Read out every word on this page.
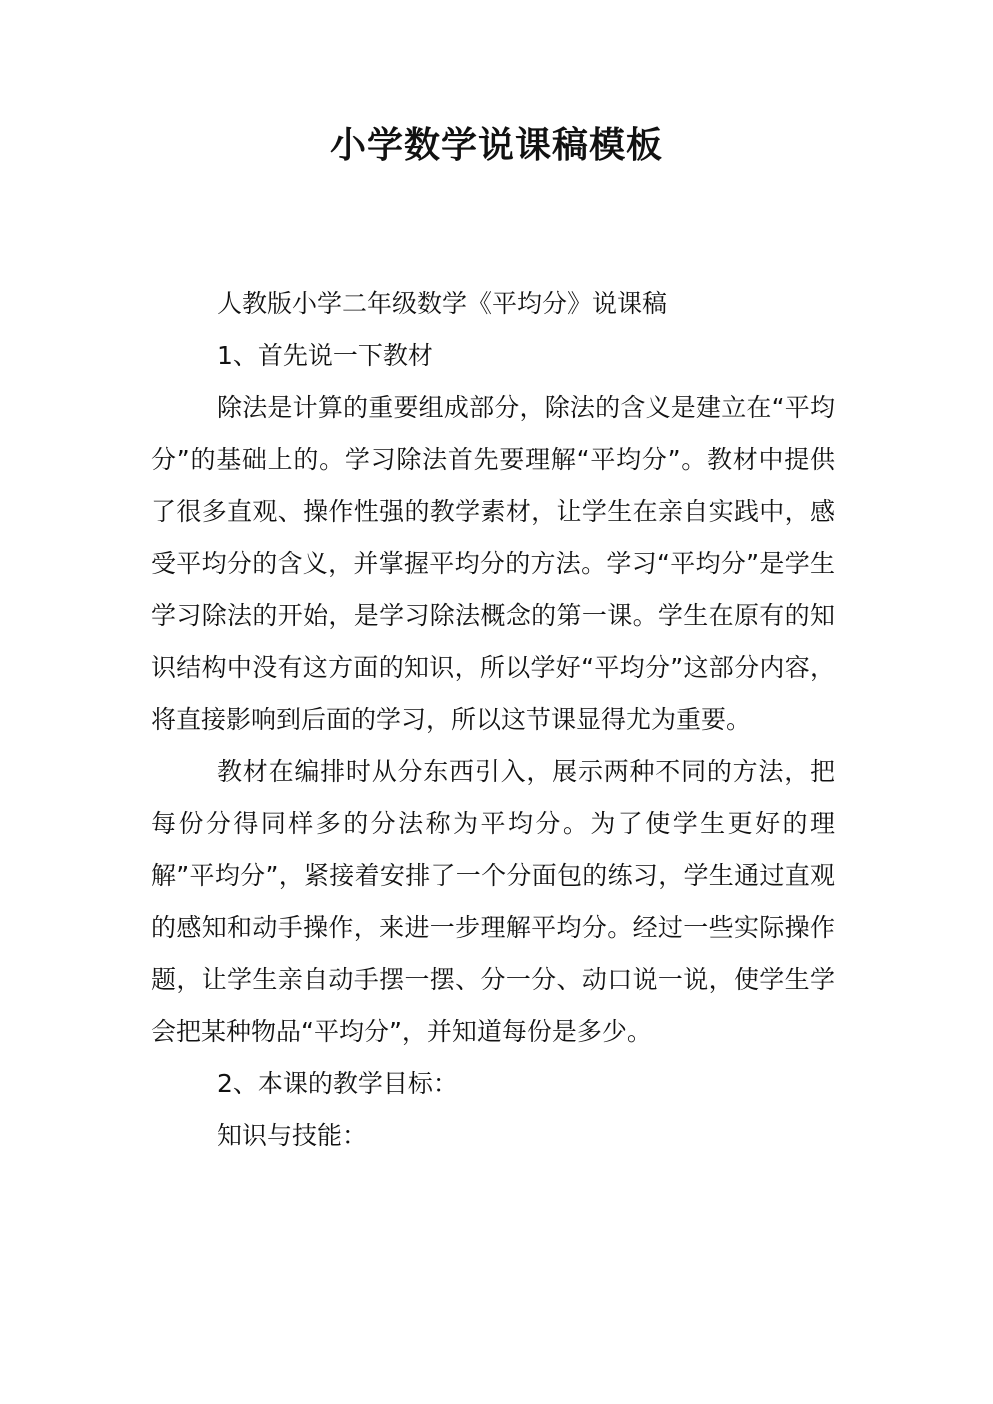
小学数学说课稿模板

人教版小学二年级数学《平均分》说课稿

1、首先说一下教材

除法是计算的重要组成部分，除法的含义是建立在“平均分”的基础上的。学习除法首先要理解“平均分”。教材中提供了很多直观、操作性强的教学素材，让学生在亲自实践中，感受平均分的含义，并掌握平均分的方法。学习“平均分”是学生学习除法的开始，是学习除法概念的第一课。学生在原有的知识结构中没有这方面的知识，所以学好“平均分”这部分内容，将直接影响到后面的学习，所以这节课显得尤为重要。

教材在编排时从分东西引入，展示两种不同的方法，把每份分得同样多的分法称为平均分。为了使学生更好的理解”平均分”，紧接着安排了一个分面包的练习，学生通过直观的感知和动手操作，来进一步理解平均分。经过一些实际操作题，让学生亲自动手摆一摆、分一分、动口说一说，使学生学会把某种物品“平均分”，并知道每份是多少。

2、本课的教学目标：

知识与技能：
